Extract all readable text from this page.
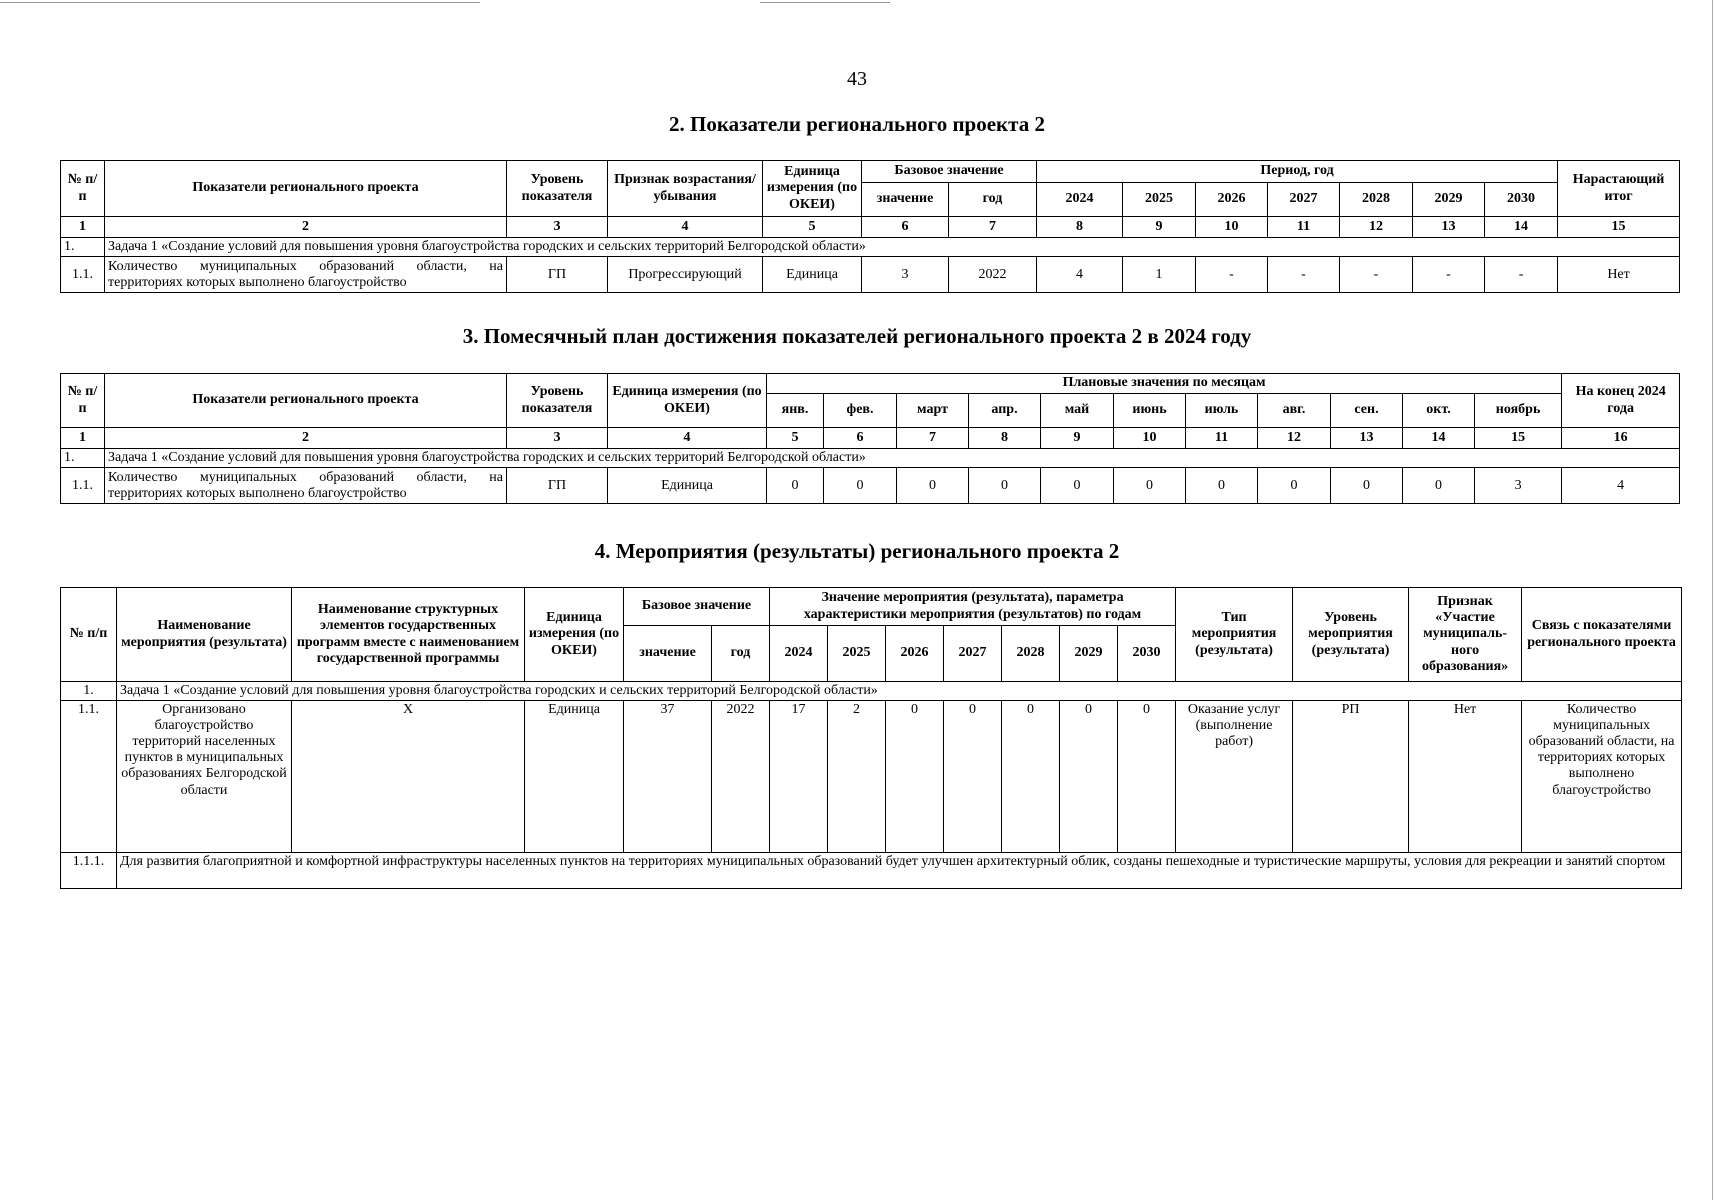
43
2. Показатели регионального проекта 2
№ п/п	Показатели регионального проекта	Уровень показателя	Признак возрастания/ убывания	Единица измерения (по ОКЕИ)	Базовое значение		Период, год							Нарастающий итог
					значение	год	2024	2025	2026	2027	2028	2029	2030	
1	2	3	4	5	6	7	8	9	10	11	12	13	14	15
1.	Задача 1 «Создание условий для повышения уровня благоустройства городских и сельских территорий Белгородской области»													
1.1.	Количество муниципальных образований области, на территориях которых выполнено благоустройство	ГП	Прогрессирующий	Единица	3	2022	4	1	-	-	-	-	-	Нет
3. Помесячный план достижения показателей регионального проекта 2 в 2024 году
№ п/п	Показатели регионального проекта	Уровень показателя	Единица измерения (по ОКЕИ)	Плановые значения по месяцам											На конец 2024 года
				янв.	фев.	март	апр.	май	июнь	июль	авг.	сен.	окт.	ноябрь	
1	2	3	4	5	6	7	8	9	10	11	12	13	14	15	16
1.	Задача 1 «Создание условий для повышения уровня благоустройства городских и сельских территорий Белгородской области»														
1.1.	Количество муниципальных образований области, на территориях которых выполнено благоустройство	ГП	Единица	0	0	0	0	0	0	0	0	0	0	3	4
4. Мероприятия (результаты) регионального проекта 2
№ п/п	Наименование мероприятия (результата)	Наименование структурных элементов государственных программ вместе с наименованием государственной программы	Единица измерения (по ОКЕИ)	Базовое значение		Значение мероприятия (результата), параметра характеристики мероприятия (результатов) по годам							Тип мероприятия (результата)	Уровень мероприятия (результата)	Признак «Участие муниципаль-ного образования»	Связь с показателями регионального проекта
				значение	год	2024	2025	2026	2027	2028	2029	2030				
1.	Задача 1 «Создание условий для повышения уровня благоустройства городских и сельских территорий Белгородской области»															
1.1.	Организовано благоустройство территорий населенных пунктов в муниципальных образованиях Белгородской области	Х	Единица	37	2022	17	2	0	0	0	0	0	Оказание услуг (выполнение работ)	РП	Нет	Количество муниципальных образований области, на территориях которых выполнено благоустройство
1.1.1.	Для развития благоприятной и комфортной инфраструктуры населенных пунктов на территориях муниципальных образований будет улучшен архитектурный облик, созданы пешеходные и туристические маршруты, условия для рекреации и занятий спортом															
